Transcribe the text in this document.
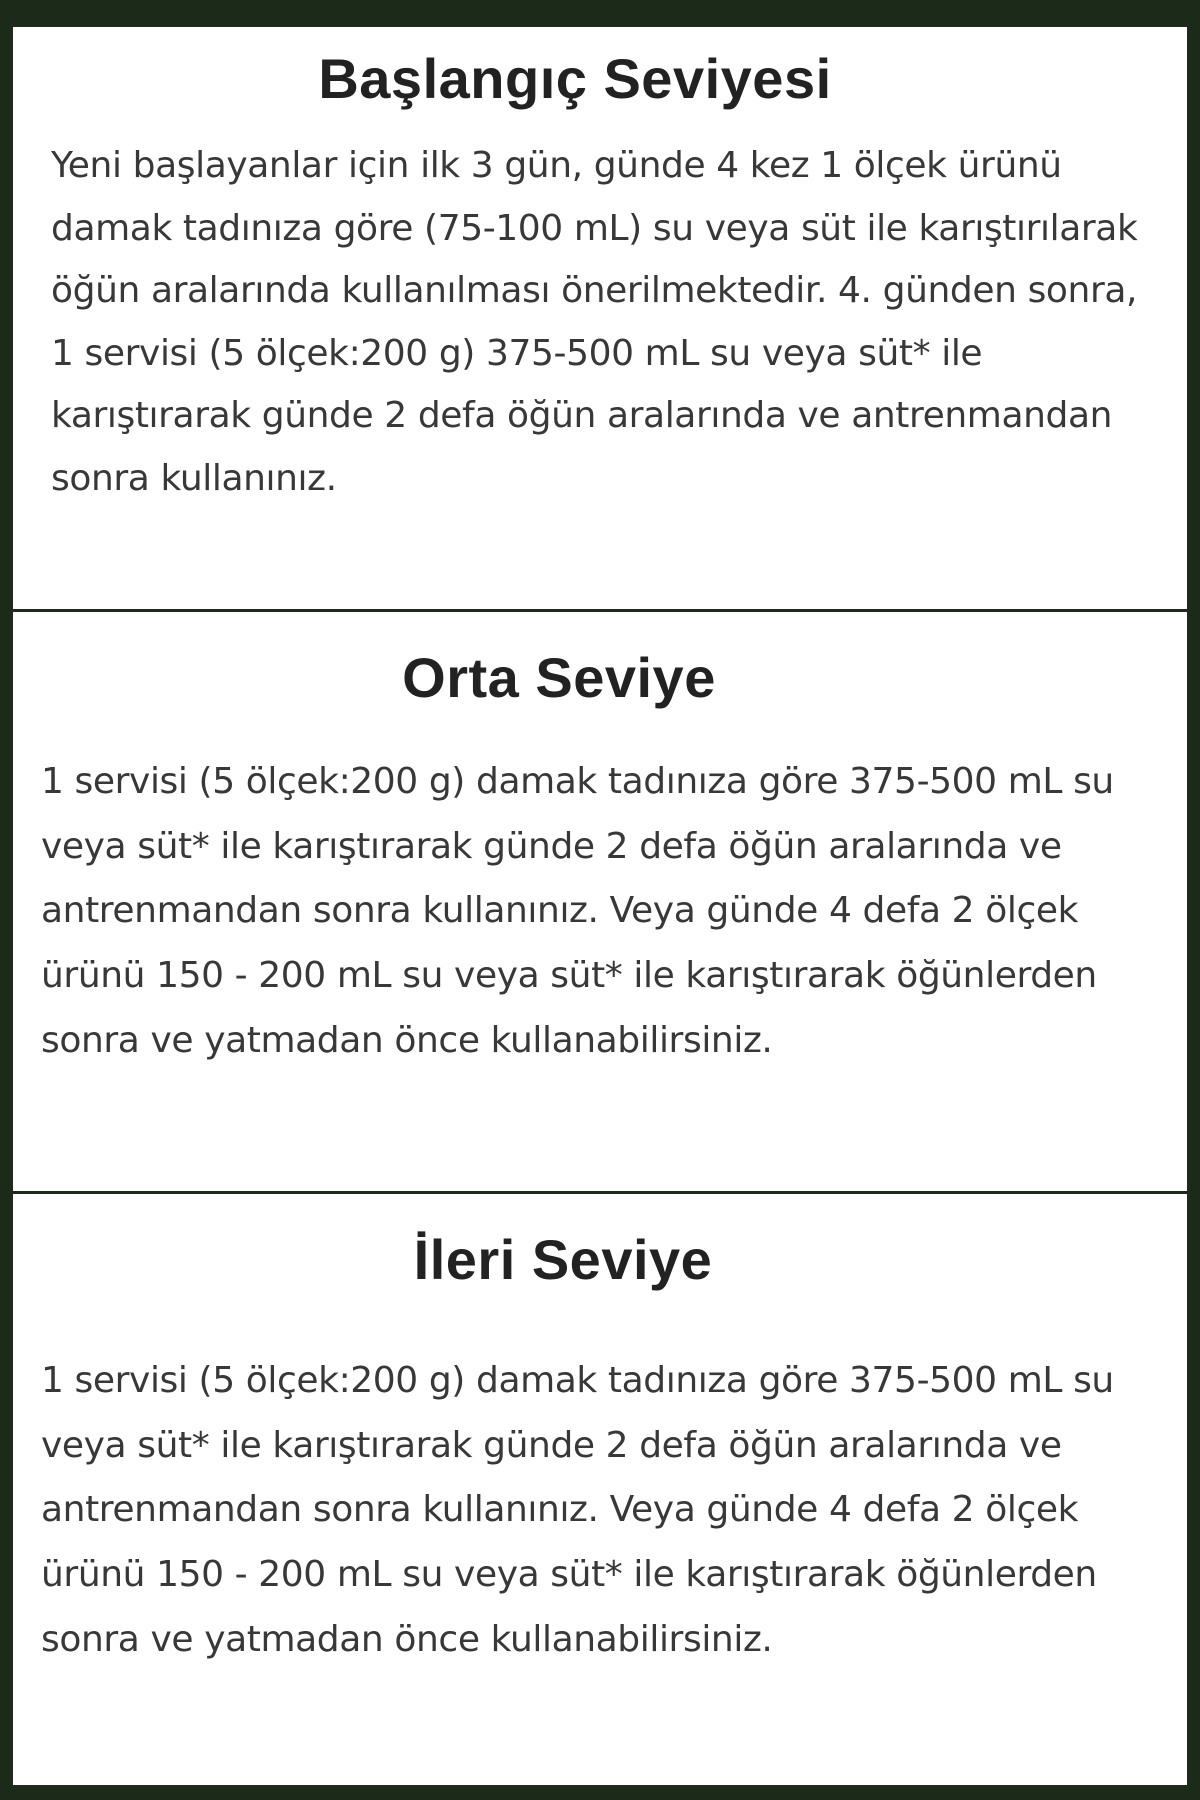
Başlangıç Seviyesi

Yeni başlayanlar için ilk 3 gün, günde 4 kez 1 ölçek ürünü damak tadınıza göre (75-100 mL) su veya süt ile karıştırılarak öğün aralarında kullanılması önerilmektedir. 4. günden sonra, 1 servisi (5 ölçek:200 g) 375-500 mL su veya süt* ile karıştırarak günde 2 defa öğün aralarında ve antrenmandan sonra kullanınız.

Orta Seviye

1 servisi (5 ölçek:200 g) damak tadınıza göre 375-500 mL su veya süt* ile karıştırarak günde 2 defa öğün aralarında ve antrenmandan sonra kullanınız. Veya günde 4 defa 2 ölçek ürünü 150 - 200 mL su veya süt* ile karıştırarak öğünlerden sonra ve yatmadan önce kullanabilirsiniz.

İleri Seviye

1 servisi (5 ölçek:200 g) damak tadınıza göre 375-500 mL su veya süt* ile karıştırarak günde 2 defa öğün aralarında ve antrenmandan sonra kullanınız. Veya günde 4 defa 2 ölçek ürünü 150 - 200 mL su veya süt* ile karıştırarak öğünlerden sonra ve yatmadan önce kullanabilirsiniz.
